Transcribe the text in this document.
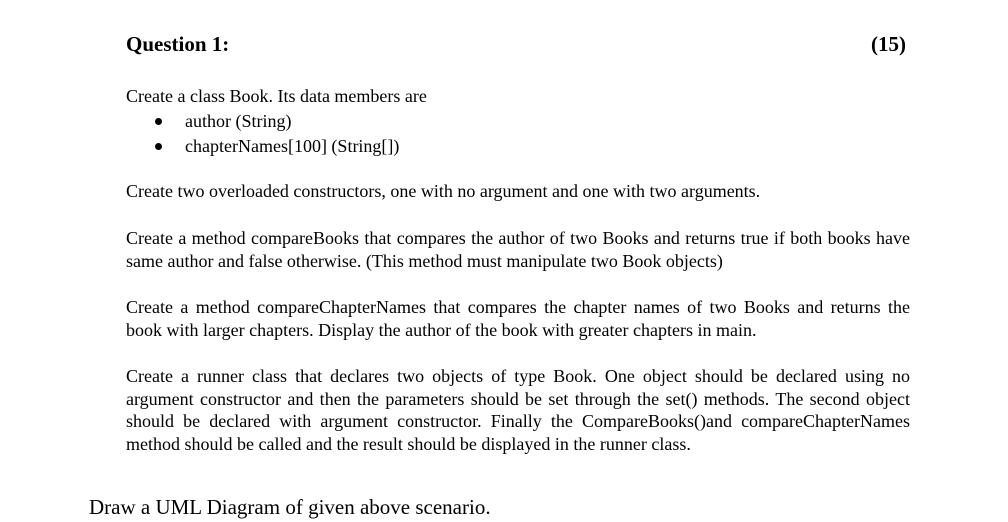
Question 1:	(15)
Create a class Book. Its data members are
author (String)
chapterNames[100] (String[])
Create two overloaded constructors, one with no argument and one with two arguments.
Create a method compareBooks that compares the author of two Books and returns true if both books have same author and false otherwise. (This method must manipulate two Book objects)
Create a method compareChapterNames that compares the chapter names of two Books and returns the book with larger chapters. Display the author of the book with greater chapters in main.
Create a runner class that declares two objects of type Book. One object should be declared using no argument constructor and then the parameters should be set through the set() methods. The second object should be declared with argument constructor. Finally the CompareBooks()and compareChapterNames method should be called and the result should be displayed in the runner class.
Draw a UML Diagram of given above scenario.
